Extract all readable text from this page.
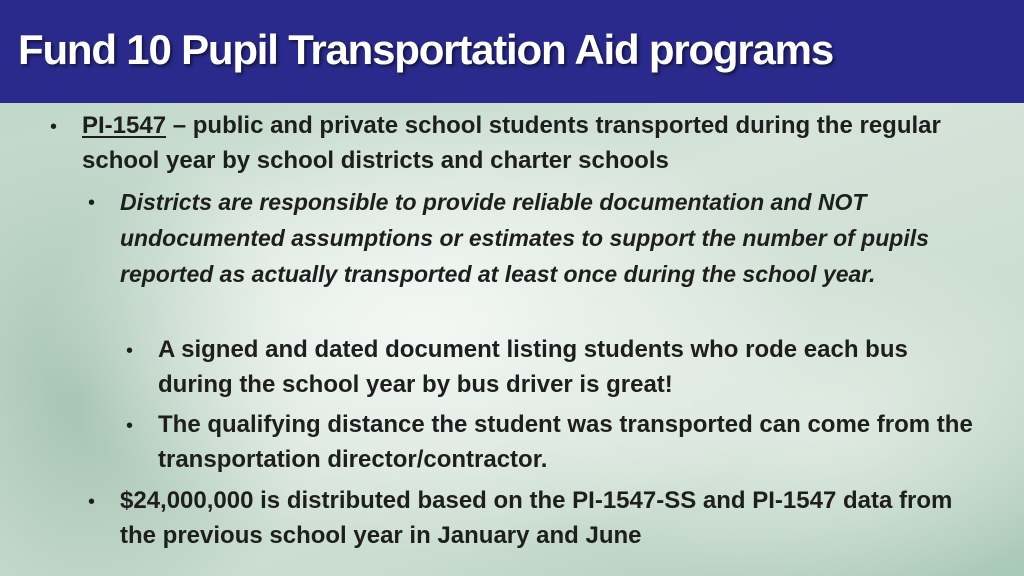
Fund 10 Pupil Transportation Aid programs
• PI-1547 – public and private school students transported during the regular school year by school districts and charter schools
• Districts are responsible to provide reliable documentation and NOT undocumented assumptions or estimates to support the number of pupils reported as actually transported at least once during the school year.
• A signed and dated document listing students who rode each bus during the school year by bus driver is great!
• The qualifying distance the student was transported can come from the transportation director/contractor.
• $24,000,000 is distributed based on the PI-1547-SS and PI-1547 data from the previous school year in January and June
